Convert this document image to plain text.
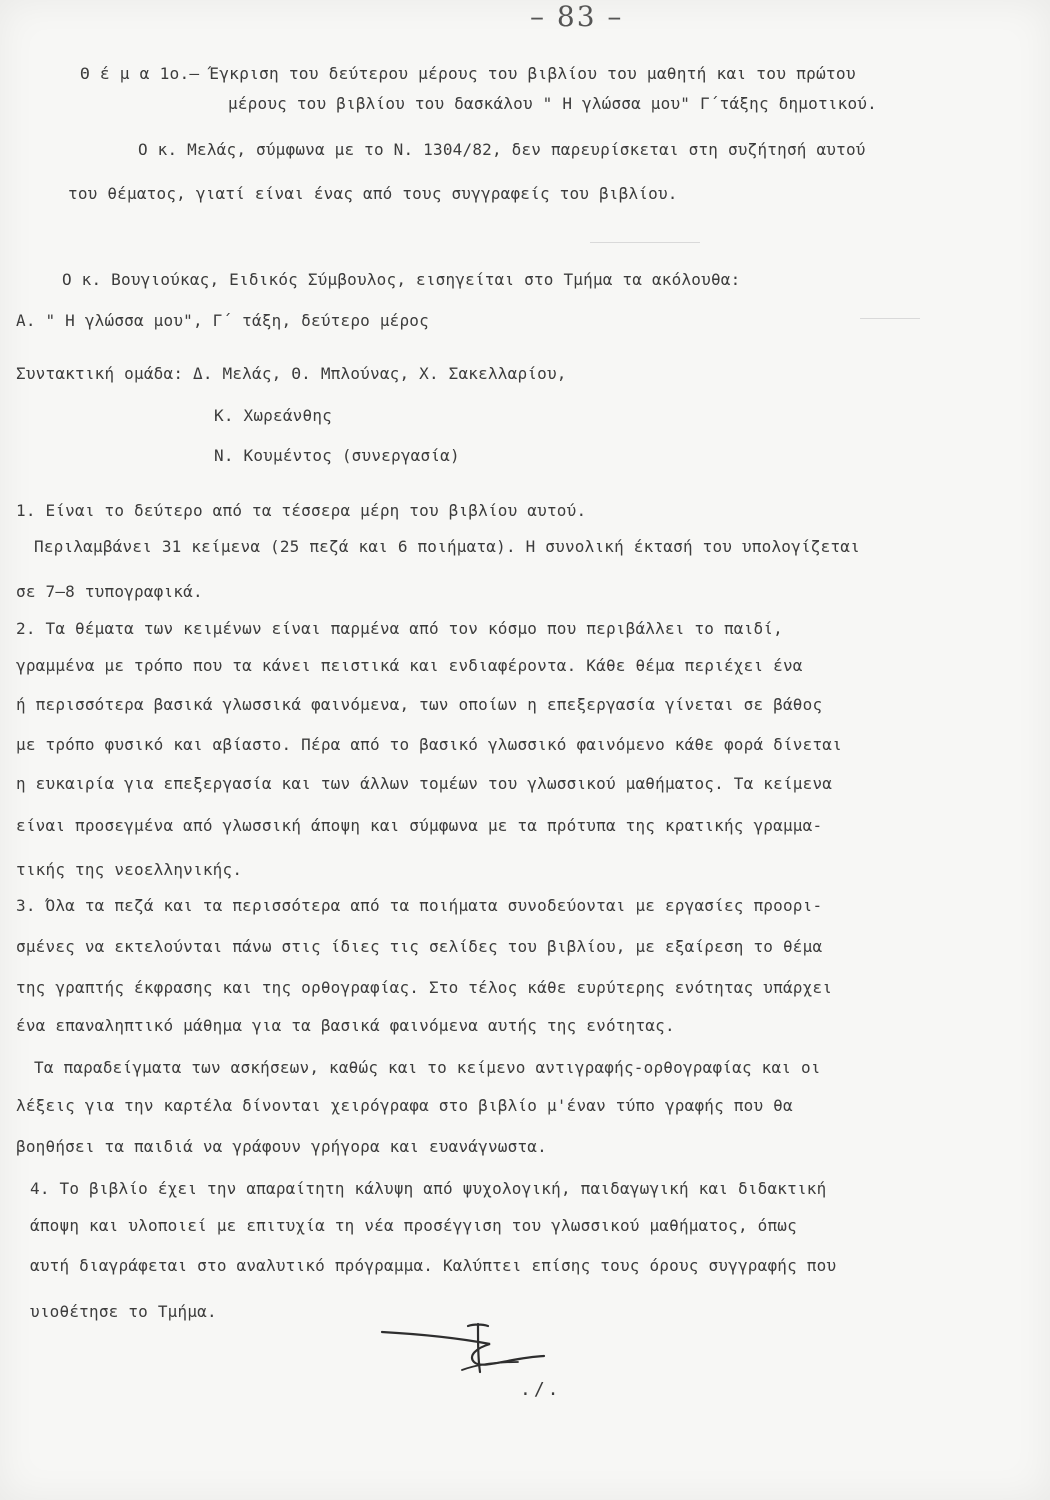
– 83 –
Θ έ μ α 1ο.– Έγκριση του δεύτερου μέρους του βιβλίου του μαθητή και του πρώτου
μέρους του βιβλίου του δασκάλου " Η γλώσσα μου" Γ΄τάξης δημοτικού.
Ο κ. Μελάς, σύμφωνα με το Ν. 1304/82, δεν παρευρίσκεται στη συζήτησή αυτού
του θέματος, γιατί είναι ένας από τους συγγραφείς του βιβλίου.
Ο κ. Βουγιούκας, Ειδικός Σύμβουλος, εισηγείται στο Τμήμα τα ακόλουθα:
Α. " Η γλώσσα μου", Γ΄ τάξη, δεύτερο μέρος
Συντακτική ομάδα: Δ. Μελάς, Θ. Μπλούνας, Χ. Σακελλαρίου,
Κ. Χωρεάνθης
Ν. Κουμέντος (συνεργασία)
1. Είναι το δεύτερο από τα τέσσερα μέρη του βιβλίου αυτού.
Περιλαμβάνει 31 κείμενα (25 πεζά και 6 ποιήματα). Η συνολική έκτασή του υπολογίζεται
σε 7–8 τυπογραφικά.
2. Τα θέματα των κειμένων είναι παρμένα από τον κόσμο που περιβάλλει το παιδί,
γραμμένα με τρόπο που τα κάνει πειστικά και ενδιαφέροντα. Κάθε θέμα περιέχει ένα
ή περισσότερα βασικά γλωσσικά φαινόμενα, των οποίων η επεξεργασία γίνεται σε βάθος
με τρόπο φυσικό και αβίαστο. Πέρα από το βασικό γλωσσικό φαινόμενο κάθε φορά δίνεται
η ευκαιρία για επεξεργασία και των άλλων τομέων του γλωσσικού μαθήματος. Τα κείμενα
είναι προσεγμένα από γλωσσική άποψη και σύμφωνα με τα πρότυπα της κρατικής γραμμα-
τικής της νεοελληνικής.
3. Όλα τα πεζά και τα περισσότερα από τα ποιήματα συνοδεύονται με εργασίες προορι-
σμένες να εκτελούνται πάνω στις ίδιες τις σελίδες του βιβλίου, με εξαίρεση το θέμα
της γραπτής έκφρασης και της ορθογραφίας. Στο τέλος κάθε ευρύτερης ενότητας υπάρχει
ένα επαναληπτικό μάθημα για τα βασικά φαινόμενα αυτής της ενότητας.
Τα παραδείγματα των ασκήσεων, καθώς και το κείμενο αντιγραφής-ορθογραφίας και οι
λέξεις για την καρτέλα δίνονται χειρόγραφα στο βιβλίο μ'έναν τύπο γραφής που θα
βοηθήσει τα παιδιά να γράφουν γρήγορα και ευανάγνωστα.
4. Το βιβλίο έχει την απαραίτητη κάλυψη από ψυχολογική, παιδαγωγική και διδακτική
άποψη και υλοποιεί με επιτυχία τη νέα προσέγγιση του γλωσσικού μαθήματος, όπως
αυτή διαγράφεται στο αναλυτικό πρόγραμμα. Καλύπτει επίσης τους όρους συγγραφής που
υιοθέτησε το Τμήμα.
./.
